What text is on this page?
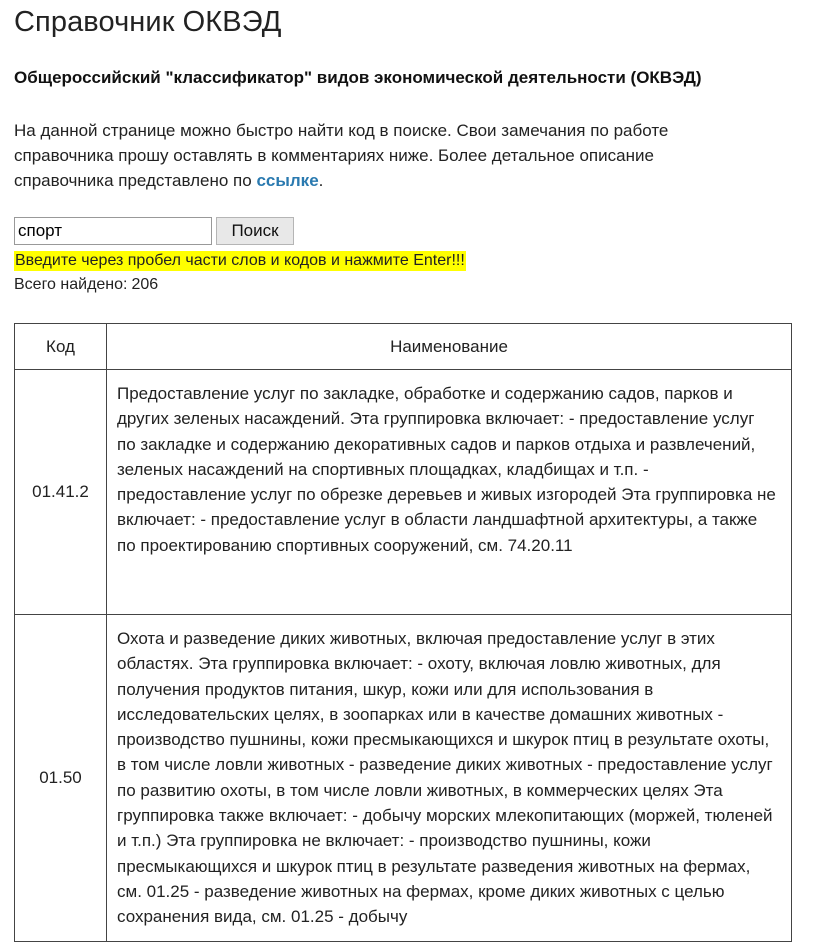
Справочник ОКВЭД

Общероссийский "классификатор" видов экономической деятельности (ОКВЭД)

На данной странице можно быстро найти код в поиске. Свои замечания по работе справочника прошу оставлять в комментариях ниже. Более детальное описание справочника представлено по ссылке.

спорт
Поиск
Введите через пробел части слов и кодов и нажмите Enter!!!
Всего найдено: 206
Код	Наименование
01.41.2	Предоставление услуг по закладке, обработке и содержанию садов, парков и других зеленых насаждений. Эта группировка включает: - предоставление услуг по закладке и содержанию декоративных садов и парков отдыха и развлечений, зеленых насаждений на спортивных площадках, кладбищах и т.п. - предоставление услуг по обрезке деревьев и живых изгородей Эта группировка не включает: - предоставление услуг в области ландшафтной архитектуры, а также по проектированию спортивных сооружений, см. 74.20.11
01.50	Охота и разведение диких животных, включая предоставление услуг в этих областях. Эта группировка включает: - охоту, включая ловлю животных, для получения продуктов питания, шкур, кожи или для использования в исследовательских целях, в зоопарках или в качестве домашних животных - производство пушнины, кожи пресмыкающихся и шкурок птиц в результате охоты, в том числе ловли животных - разведение диких животных - предоставление услуг по развитию охоты, в том числе ловли животных, в коммерческих целях Эта группировка также включает: - добычу морских млекопитающих (моржей, тюленей и т.п.) Эта группировка не включает: - производство пушнины, кожи пресмыкающихся и шкурок птиц в результате разведения животных на фермах, см. 01.25 - разведение животных на фермах, кроме диких животных с целью сохранения вида, см. 01.25 - добычу
